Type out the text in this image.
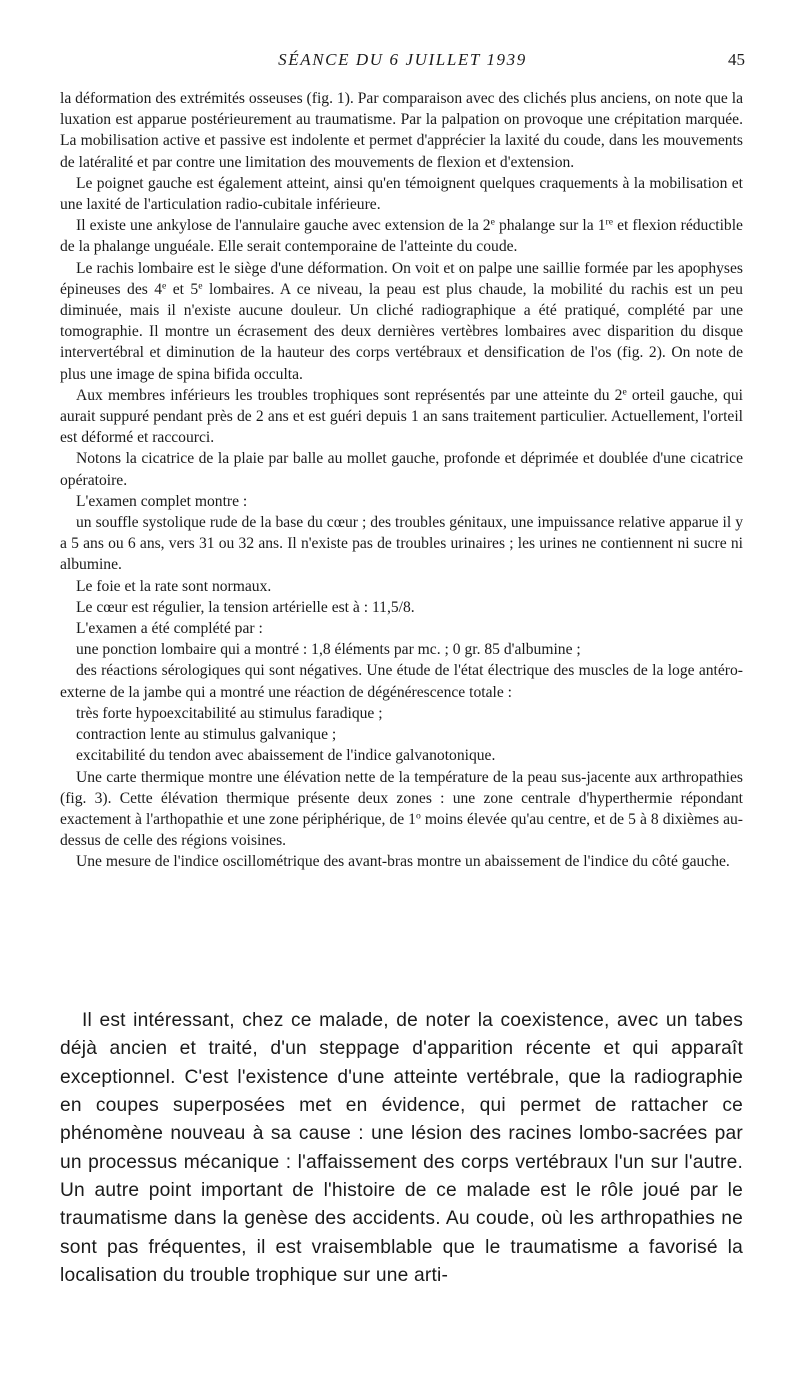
SÉANCE DU 6 JUILLET 1939	45

la déformation des extrémités osseuses (fig. 1). Par comparaison avec des clichés plus anciens, on note que la luxation est apparue postérieurement au traumatisme. Par la palpation on provoque une crépitation marquée. La mobilisation active et passive est indolente et permet d'apprécier la laxité du coude, dans les mouvements de latéralité et par contre une limitation des mouvements de flexion et d'extension.

Le poignet gauche est également atteint, ainsi qu'en témoignent quelques craquements à la mobilisation et une laxité de l'articulation radio-cubitale inférieure.

Il existe une ankylose de l'annulaire gauche avec extension de la 2e phalange sur la 1re et flexion réductible de la phalange unguéale. Elle serait contemporaine de l'atteinte du coude.

Le rachis lombaire est le siège d'une déformation. On voit et on palpe une saillie formée par les apophyses épineuses des 4e et 5e lombaires. A ce niveau, la peau est plus chaude, la mobilité du rachis est un peu diminuée, mais il n'existe aucune douleur. Un cliché radiographique a été pratiqué, complété par une tomographie. Il montre un écrasement des deux dernières vertèbres lombaires avec disparition du disque intervertébral et diminution de la hauteur des corps vertébraux et densification de l'os (fig. 2). On note de plus une image de spina bifida occulta.

Aux membres inférieurs les troubles trophiques sont représentés par une atteinte du 2e orteil gauche, qui aurait suppuré pendant près de 2 ans et est guéri depuis 1 an sans traitement particulier. Actuellement, l'orteil est déformé et raccourci.

Notons la cicatrice de la plaie par balle au mollet gauche, profonde et déprimée et doublée d'une cicatrice opératoire.

L'examen complet montre :

un souffle systolique rude de la base du cœur ; des troubles génitaux, une impuissance relative apparue il y a 5 ans ou 6 ans, vers 31 ou 32 ans. Il n'existe pas de troubles urinaires ; les urines ne contiennent ni sucre ni albumine.

Le foie et la rate sont normaux.

Le cœur est régulier, la tension artérielle est à : 11,5/8.

L'examen a été complété par :

une ponction lombaire qui a montré : 1,8 éléments par mc. ; 0 gr. 85 d'albumine ;

des réactions sérologiques qui sont négatives. Une étude de l'état électrique des muscles de la loge antéro-externe de la jambe qui a montré une réaction de dégénérescence totale :

très forte hypoexcitabilité au stimulus faradique ;

contraction lente au stimulus galvanique ;

excitabilité du tendon avec abaissement de l'indice galvanotonique.

Une carte thermique montre une élévation nette de la température de la peau sus-jacente aux arthropathies (fig. 3). Cette élévation thermique présente deux zones : une zone centrale d'hyperthermie répondant exactement à l'arthopathie et une zone périphérique, de 1$^o$ moins élevée qu'au centre, et de 5 à 8 dixièmes au-dessus de celle des régions voisines.

Une mesure de l'indice oscillométrique des avant-bras montre un abaissement de l'indice du côté gauche.

Il est intéressant, chez ce malade, de noter la coexistence, avec un tabes déjà ancien et traité, d'un steppage d'apparition récente et qui apparaît exceptionnel. C'est l'existence d'une atteinte vertébrale, que la radiographie en coupes superposées met en évidence, qui permet de rattacher ce phénomène nouveau à sa cause : une lésion des racines lombo-sacrées par un processus mécanique : l'affaissement des corps vertébraux l'un sur l'autre. Un autre point important de l'histoire de ce malade est le rôle joué par le traumatisme dans la genèse des accidents. Au coude, où les arthropathies ne sont pas fréquentes, il est vraisemblable que le traumatisme a favorisé la localisation du trouble trophique sur une arti-
